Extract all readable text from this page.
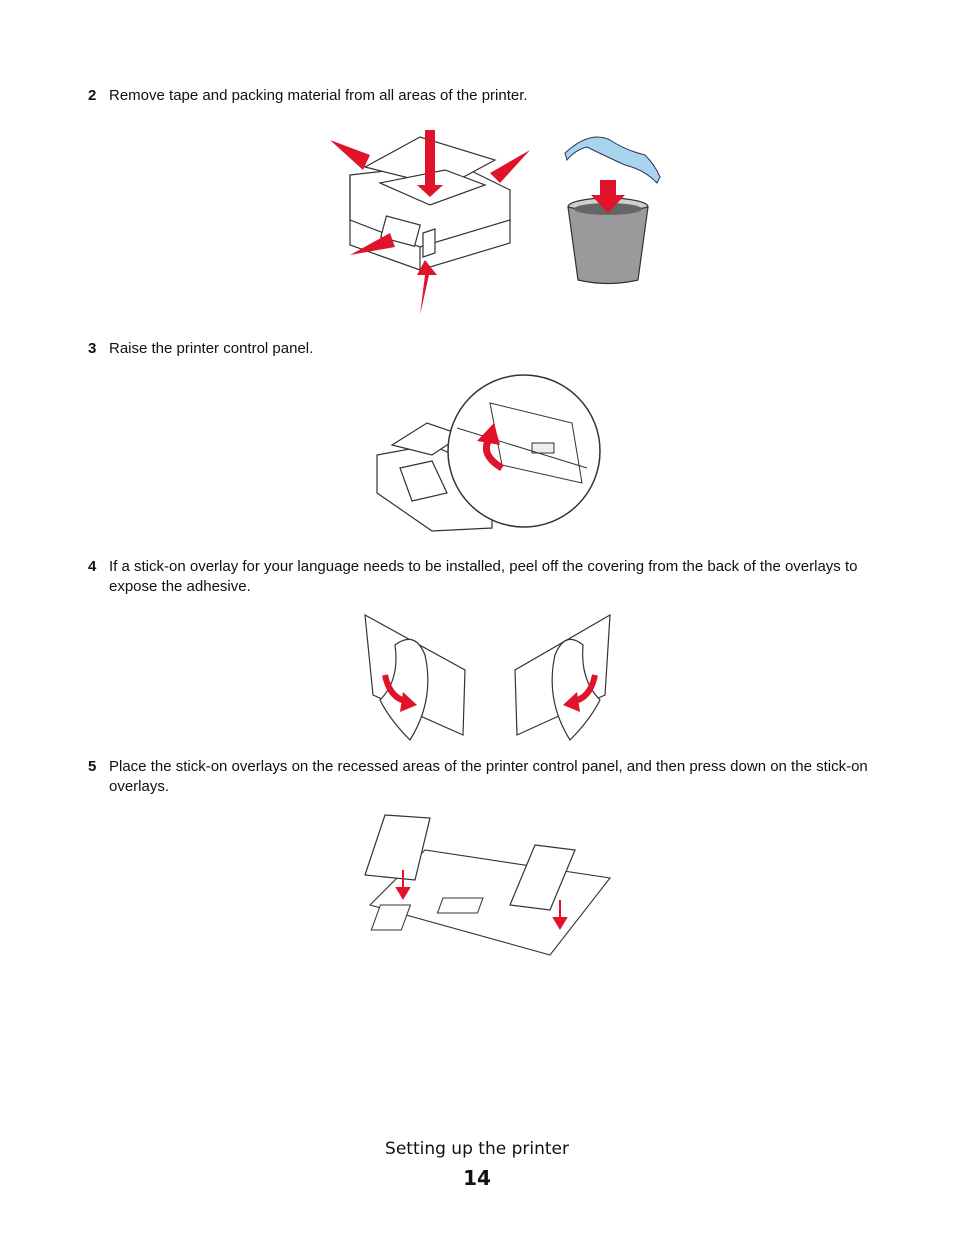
2 Remove tape and packing material from all areas of the printer.
3 Raise the printer control panel.
4 If a stick-on overlay for your language needs to be installed, peel off the covering from the back of the overlays to expose the adhesive.
5 Place the stick-on overlays on the recessed areas of the printer control panel, and then press down on the stick-on overlays.
Setting up the printer
14
